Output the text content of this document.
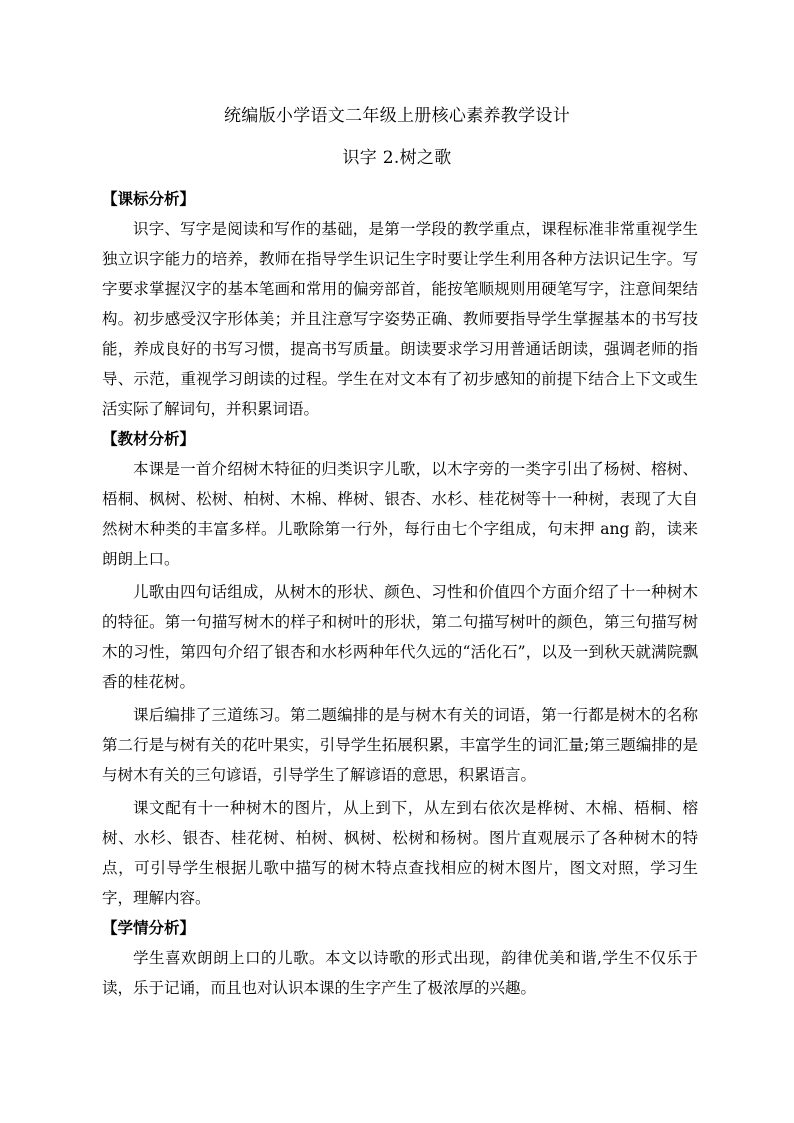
统编版小学语文二年级上册核心素养教学设计
识字 2.树之歌
【课标分析】

识字、写字是阅读和写作的基础，是第一学段的教学重点，课程标准非常重视学生独立识字能力的培养，教师在指导学生识记生字时要让学生利用各种方法识记生字。写字要求掌握汉字的基本笔画和常用的偏旁部首，能按笔顺规则用硬笔写字，注意间架结构。初步感受汉字形体美；并且注意写字姿势正确、教师要指导学生掌握基本的书写技能，养成良好的书写习惯，提高书写质量。朗读要求学习用普通话朗读，强调老师的指导、示范，重视学习朗读的过程。学生在对文本有了初步感知的前提下结合上下文或生活实际了解词句，并积累词语。

【教材分析】

本课是一首介绍树木特征的归类识字儿歌，以木字旁的一类字引出了杨树、榕树、梧桐、枫树、松树、柏树、木棉、桦树、银杏、水杉、桂花树等十一种树，表现了大自然树木种类的丰富多样。儿歌除第一行外，每行由七个字组成，句末押 ang 韵，读来朗朗上口。

儿歌由四句话组成，从树木的形状、颜色、习性和价值四个方面介绍了十一种树木的特征。第一句描写树木的样子和树叶的形状，第二句描写树叶的颜色，第三句描写树木的习性，第四句介绍了银杏和水杉两种年代久远的“活化石”，以及一到秋天就满院飘香的桂花树。

课后编排了三道练习。第二题编排的是与树木有关的词语，第一行都是树木的名称第二行是与树有关的花叶果实，引导学生拓展积累，丰富学生的词汇量;第三题编排的是与树木有关的三句谚语，引导学生了解谚语的意思，积累语言。

课文配有十一种树木的图片，从上到下，从左到右依次是桦树、木棉、梧桐、榕树、水杉、银杏、桂花树、柏树、枫树、松树和杨树。图片直观展示了各种树木的特点，可引导学生根据儿歌中描写的树木特点查找相应的树木图片，图文对照，学习生字，理解内容。

【学情分析】

学生喜欢朗朗上口的儿歌。本文以诗歌的形式出现，韵律优美和谐,学生不仅乐于读，乐于记诵，而且也对认识本课的生字产生了极浓厚的兴趣。
